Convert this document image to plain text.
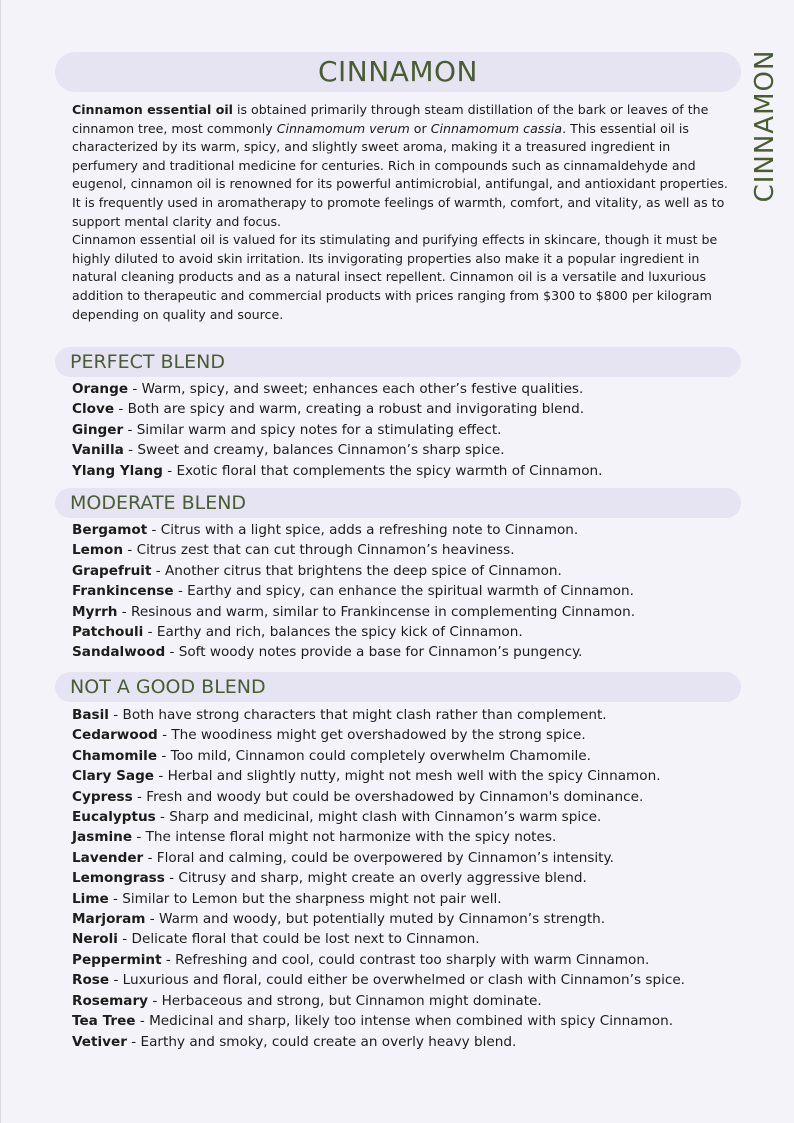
CINNAMON	CINNAMON

Cinnamon essential oil is obtained primarily through steam distillation of the bark or leaves of the cinnamon tree, most commonly Cinnamomum verum or Cinnamomum cassia. This essential oil is characterized by its warm, spicy, and slightly sweet aroma, making it a treasured ingredient in perfumery and traditional medicine for centuries. Rich in compounds such as cinnamaldehyde and eugenol, cinnamon oil is renowned for its powerful antimicrobial, antifungal, and antioxidant properties. It is frequently used in aromatherapy to promote feelings of warmth, comfort, and vitality, as well as to support mental clarity and focus.

Cinnamon essential oil is valued for its stimulating and purifying effects in skincare, though it must be highly diluted to avoid skin irritation. Its invigorating properties also make it a popular ingredient in natural cleaning products and as a natural insect repellent. Cinnamon oil is a versatile and luxurious addition to therapeutic and commercial products with prices ranging from $300 to $800 per kilogram depending on quality and source.

PERFECT BLEND
Orange - Warm, spicy, and sweet; enhances each other’s festive qualities.
Clove - Both are spicy and warm, creating a robust and invigorating blend.
Ginger - Similar warm and spicy notes for a stimulating effect.
Vanilla - Sweet and creamy, balances Cinnamon’s sharp spice.
Ylang Ylang - Exotic floral that complements the spicy warmth of Cinnamon.
MODERATE BLEND
Bergamot - Citrus with a light spice, adds a refreshing note to Cinnamon.
Lemon - Citrus zest that can cut through Cinnamon’s heaviness.
Grapefruit - Another citrus that brightens the deep spice of Cinnamon.
Frankincense - Earthy and spicy, can enhance the spiritual warmth of Cinnamon.
Myrrh - Resinous and warm, similar to Frankincense in complementing Cinnamon.
Patchouli - Earthy and rich, balances the spicy kick of Cinnamon.
Sandalwood - Soft woody notes provide a base for Cinnamon’s pungency.
NOT A GOOD BLEND
Basil - Both have strong characters that might clash rather than complement.
Cedarwood - The woodiness might get overshadowed by the strong spice.
Chamomile - Too mild, Cinnamon could completely overwhelm Chamomile.
Clary Sage - Herbal and slightly nutty, might not mesh well with the spicy Cinnamon.
Cypress - Fresh and woody but could be overshadowed by Cinnamon's dominance.
Eucalyptus - Sharp and medicinal, might clash with Cinnamon’s warm spice.
Jasmine - The intense floral might not harmonize with the spicy notes.
Lavender - Floral and calming, could be overpowered by Cinnamon’s intensity.
Lemongrass - Citrusy and sharp, might create an overly aggressive blend.
Lime - Similar to Lemon but the sharpness might not pair well.
Marjoram - Warm and woody, but potentially muted by Cinnamon’s strength.
Neroli - Delicate floral that could be lost next to Cinnamon.
Peppermint - Refreshing and cool, could contrast too sharply with warm Cinnamon.
Rose - Luxurious and floral, could either be overwhelmed or clash with Cinnamon’s spice.
Rosemary - Herbaceous and strong, but Cinnamon might dominate.
Tea Tree - Medicinal and sharp, likely too intense when combined with spicy Cinnamon.
Vetiver - Earthy and smoky, could create an overly heavy blend.
